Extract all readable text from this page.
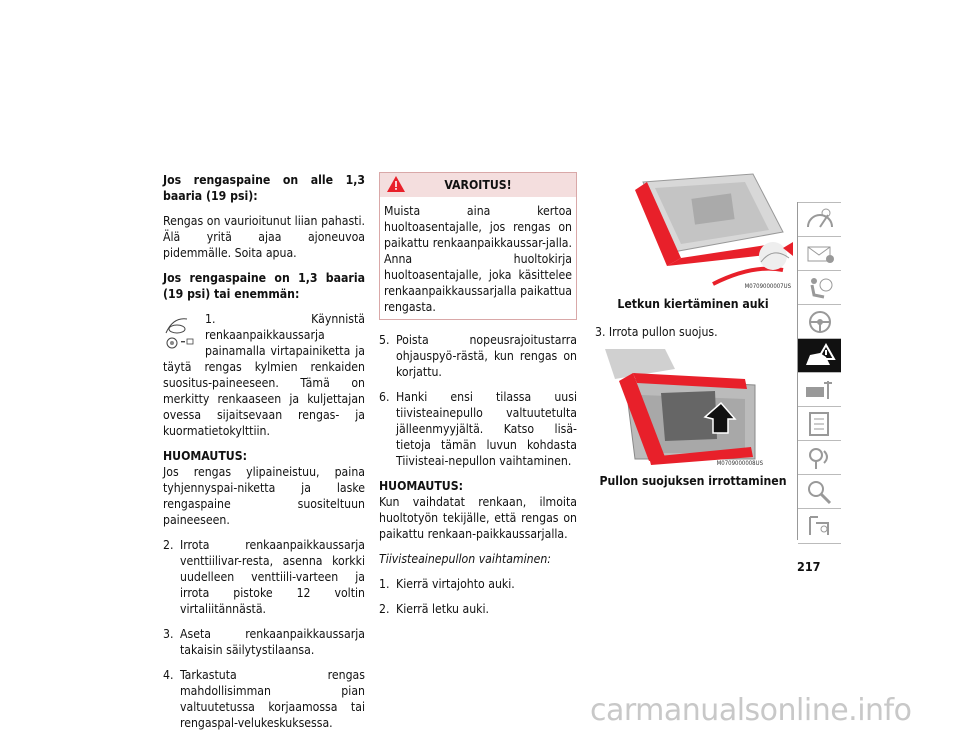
Jos rengaspaine on alle 1,3 baaria (19 psi):

Rengas on vaurioitunut liian pahasti. Älä yritä ajaa ajoneuvoa pidemmälle. Soita apua.

Jos rengaspaine on 1,3 baaria (19 psi) tai enemmän:

1. Käynnistä renkaanpaikkaussarja painamalla virtapainiketta ja täytä rengas kylmien renkaiden suositus-paineeseen. Tämä on merkitty renkaaseen ja kuljettajan ovessa sijaitsevaan rengas- ja kuormatietokylttiin.

HUOMAUTUS:

Jos rengas ylipaineistuu, paina tyhjennyspai-niketta ja laske rengaspaine suositeltuun paineeseen.

2. Irrota renkaanpaikkaussarja venttiilivar-resta, asenna korkki uudelleen venttiili-varteen ja irrota pistoke 12 voltin virtaliitännästä.

3. Aseta renkaanpaikkaussarja takaisin säilytystilaansa.

4. Tarkastuta rengas mahdollisimman pian valtuutetussa korjaamossa tai rengaspal-velukeskuksessa.

VAROITUS!
Muista aina kertoa huoltoasentajalle, jos rengas on paikattu renkaanpaikkaussar-jalla. Anna huoltokirja huoltoasentajalle, joka käsittelee renkaanpaikkaussarjalla paikattua rengasta.

5. Poista nopeusrajoitustarra ohjauspyö-rästä, kun rengas on korjattu.

6. Hanki ensi tilassa uusi tiivisteainepullo valtuutetulta jälleenmyyjältä. Katso lisä-tietoja tämän luvun kohdasta Tiivisteai-nepullon vaihtaminen.

HUOMAUTUS:

Kun vaihdatat renkaan, ilmoita huoltotyön tekijälle, että rengas on paikattu renkaan-paikkaussarjalla.

Tiivisteainepullon vaihtaminen:

1. Kierrä virtajohto auki.

2. Kierrä letku auki.

M0709000007US
Letkun kiertäminen auki

3. Irrota pullon suojus.

M0709000008US
Pullon suojuksen irrottaminen
217
carmanualsonline.info
